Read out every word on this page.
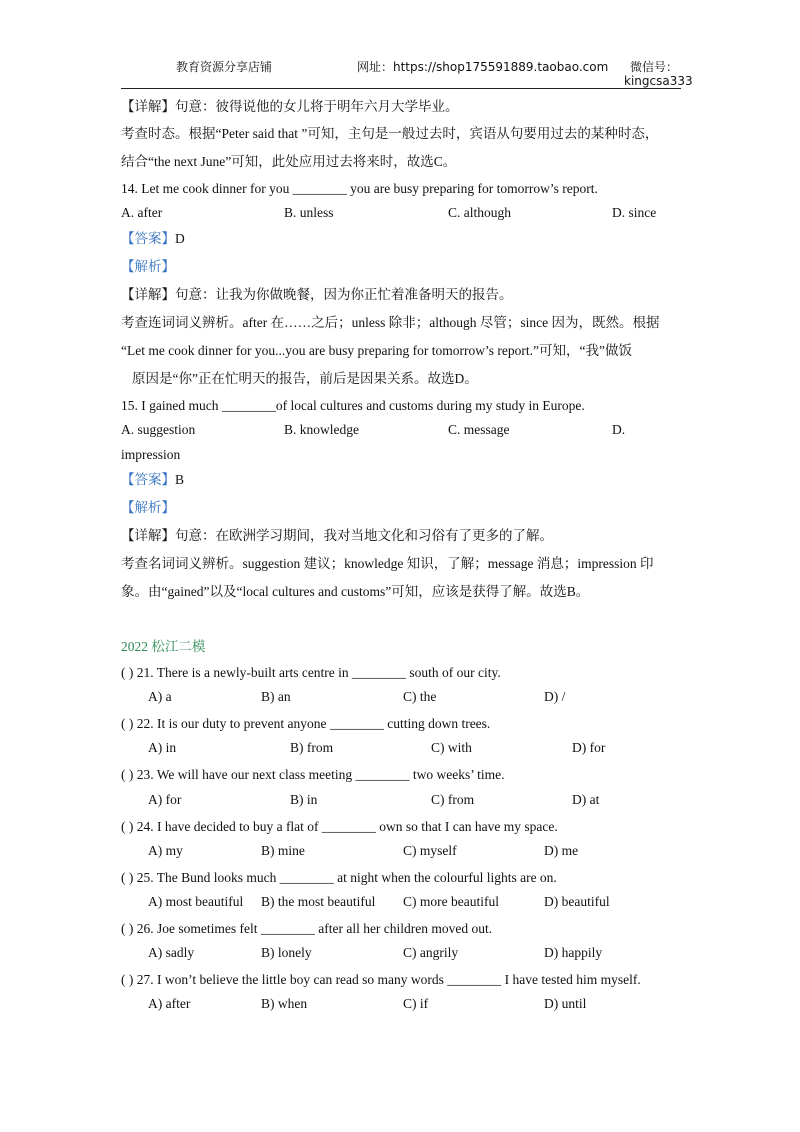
教育资源分享店铺	网址：https://shop175591889.taobao.com 微信号：
kingcsa333
【详解】句意：彼得说他的女儿将于明年六月大学毕业。
考查时态。根据“Peter said that ”可知，主句是一般过去时，宾语从句要用过去的某种时态，
结合“the next June”可知，此处应用过去将来时，故选C。
14. Let me cook dinner for you ________ you are busy preparing for tomorrow’s report.
A. after	B. unless	C. although	D. since
【答案】D
【解析】
【详解】句意：让我为你做晚餐，因为你正忙着准备明天的报告。
考查连词词义辨析。after 在……之后；unless 除非；although 尽管；since 因为，既然。根据
“Let me cook dinner for you...you are busy preparing for tomorrow’s report.”可知，“我”做饭
原因是“你”正在忙明天的报告，前后是因果关系。故选D。
15. I gained much ________of local cultures and customs during my study in Europe.
A. suggestion	B. knowledge	C. message	D.
impression
【答案】B
【解析】
【详解】句意：在欧洲学习期间，我对当地文化和习俗有了更多的了解。
考查名词词义辨析。suggestion 建议；knowledge 知识，了解；message 消息；impression 印
象。由“gained”以及“local cultures and customs”可知，应该是获得了解。故选B。
2022 松江二模
( ) 21. There is a newly-built arts centre in ________ south of our city.
A) a	B) an	C) the	D) /
( ) 22. It is our duty to prevent anyone ________ cutting down trees.
A) in	B) from	C) with	D) for
( ) 23. We will have our next class meeting ________ two weeks’ time.
A) for	B) in	C) from	D) at
( ) 24. I have decided to buy a flat of ________ own so that I can have my space.
A) my	B) mine	C) myself	D) me
( ) 25. The Bund looks much ________ at night when the colourful lights are on.
A) most beautiful B) the most beautiful C) more beautiful	D) beautiful
( ) 26. Joe sometimes felt ________ after all her children moved out.
A) sadly	B) lonely	C) angrily	D) happily
( ) 27. I won’t believe the little boy can read so many words ________ I have tested him myself.
A) after	B) when	C) if	D) until
